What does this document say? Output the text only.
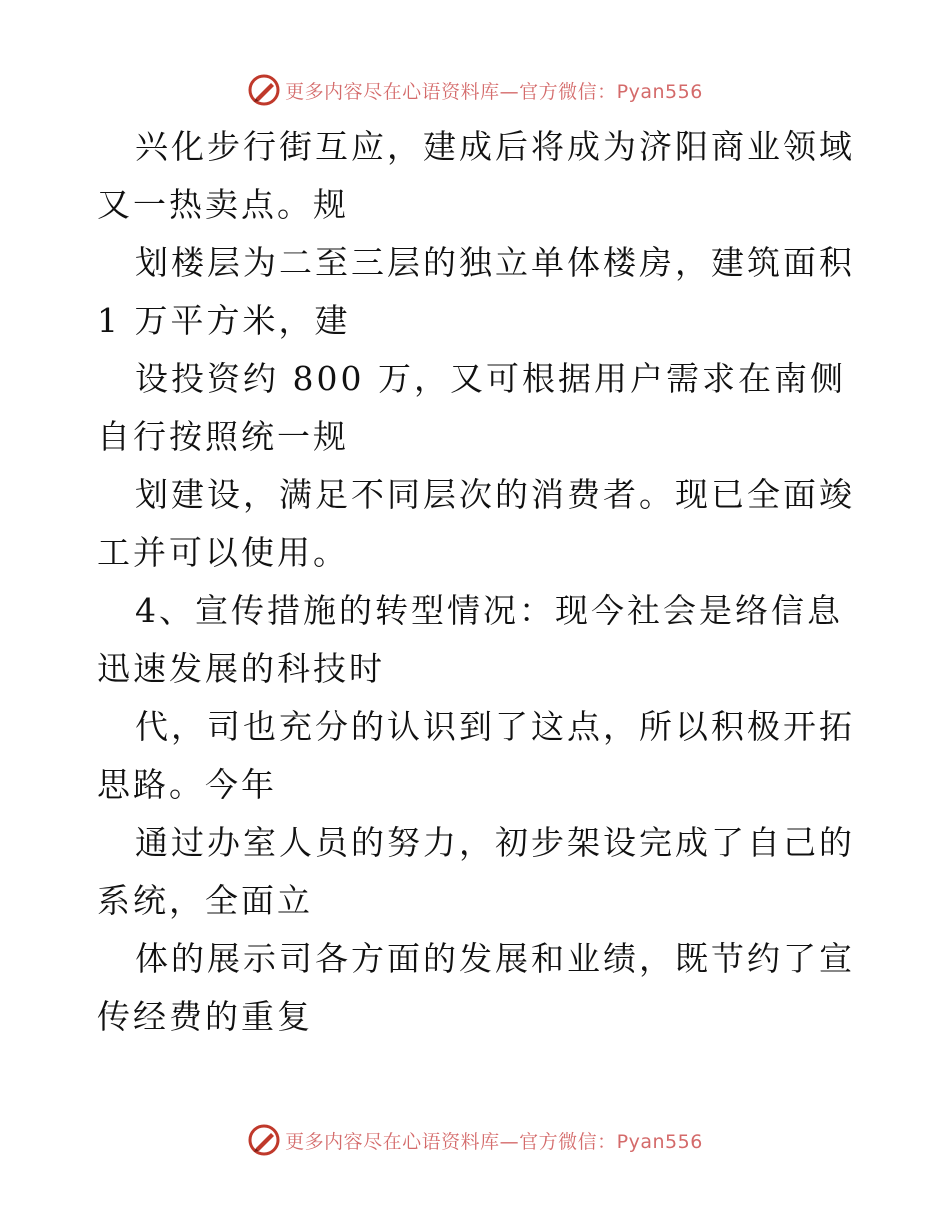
更多内容尽在心语资料库—官方微信：Pyan556

兴化步行街互应，建成后将成为济阳商业领域又一热卖点。规

划楼层为二至三层的独立单体楼房，建筑面积 1 万平方米，建

设投资约 800 万，又可根据用户需求在南侧自行按照统一规

划建设，满足不同层次的消费者。现已全面竣工并可以使用。

4、宣传措施的转型情况：现今社会是络信息迅速发展的科技时

代，司也充分的认识到了这点，所以积极开拓思路。今年

通过办室人员的努力，初步架设完成了自己的系统，全面立

体的展示司各方面的发展和业绩，既节约了宣传经费的重复

更多内容尽在心语资料库—官方微信：Pyan556
